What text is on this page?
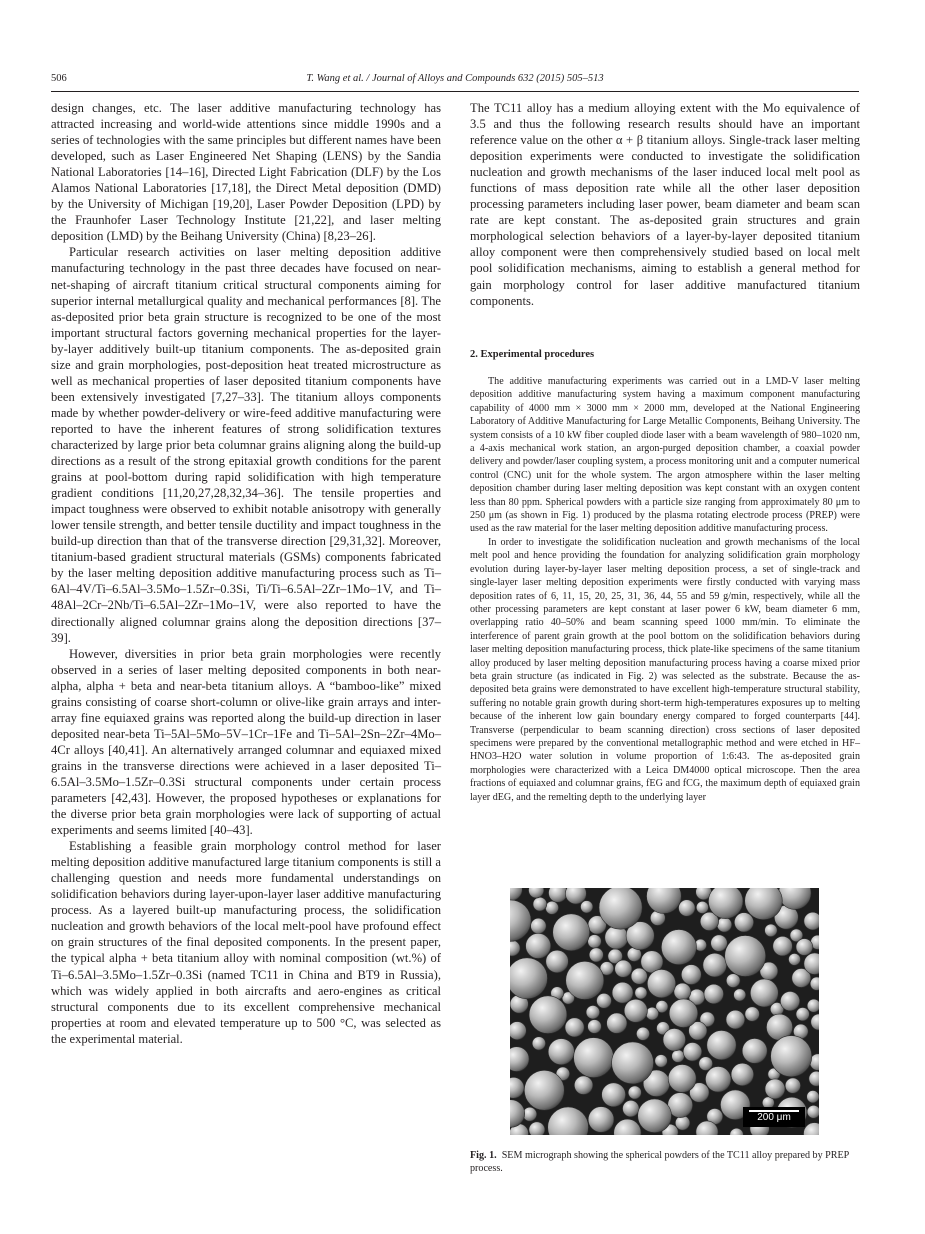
506	T. Wang et al. / Journal of Alloys and Compounds 632 (2015) 505–513

design changes, etc. The laser additive manufacturing technology has attracted increasing and world-wide attentions since middle 1990s and a series of technologies with the same principles but different names have been developed, such as Laser Engineered Net Shaping (LENS) by the Sandia National Laboratories [14–16], Directed Light Fabrication (DLF) by the Los Alamos National Laboratories [17,18], the Direct Metal deposition (DMD) by the University of Michigan [19,20], Laser Powder Deposition (LPD) by the Fraunhofer Laser Technology Institute [21,22], and laser melting deposition (LMD) by the Beihang University (China) [8,23–26].

Particular research activities on laser melting deposition additive manufacturing technology in the past three decades have focused on near-net-shaping of aircraft titanium critical structural components aiming for superior internal metallurgical quality and mechanical performances [8]. The as-deposited prior beta grain structure is recognized to be one of the most important structural factors governing mechanical properties for the layer-by-layer additively built-up titanium components. The as-deposited grain size and grain morphologies, post-deposition heat treated microstructure as well as mechanical properties of laser deposited titanium components have been extensively investigated [7,27–33]. The titanium alloys components made by whether powder-delivery or wire-feed additive manufacturing were reported to have the inherent features of strong solidification textures characterized by large prior beta columnar grains aligning along the build-up directions as a result of the strong epitaxial growth conditions for the parent grains at pool-bottom during rapid solidification with high temperature gradient conditions [11,20,27,28,32,34–36]. The tensile properties and impact toughness were observed to exhibit notable anisotropy with generally lower tensile strength, and better tensile ductility and impact toughness in the build-up direction than that of the transverse direction [29,31,32]. Moreover, titanium-based gradient structural materials (GSMs) components fabricated by the laser melting deposition additive manufacturing process such as Ti–6Al–4V/Ti–6.5Al–3.5Mo–1.5Zr–0.3Si, Ti/Ti–6.5Al–2Zr–1Mo–1V, and Ti–48Al–2Cr–2Nb/Ti–6.5Al–2Zr–1Mo–1V, were also reported to have the directionally aligned columnar grains along the deposition directions [37–39].

However, diversities in prior beta grain morphologies were recently observed in a series of laser melting deposited components in both near-alpha, alpha + beta and near-beta titanium alloys. A “bamboo-like” mixed grains consisting of coarse short-column or olive-like grain arrays and inter-array fine equiaxed grains was reported along the build-up direction in laser deposited near-beta Ti–5Al–5Mo–5V–1Cr–1Fe and Ti–5Al–2Sn–2Zr–4Mo–4Cr alloys [40,41]. An alternatively arranged columnar and equiaxed mixed grains in the transverse directions were achieved in a laser deposited Ti–6.5Al–3.5Mo–1.5Zr–0.3Si structural components under certain process parameters [42,43]. However, the proposed hypotheses or explanations for the diverse prior beta grain morphologies were lack of supporting of actual experiments and seems limited [40–43].

Establishing a feasible grain morphology control method for laser melting deposition additive manufactured large titanium components is still a challenging question and needs more fundamental understandings on solidification behaviors during layer-upon-layer laser additive manufacturing process. As a layered built-up manufacturing process, the solidification nucleation and growth behaviors of the local melt-pool have profound effect on grain structures of the final deposited components. In the present paper, the typical alpha + beta titanium alloy with nominal composition (wt.%) of Ti–6.5Al–3.5Mo–1.5Zr–0.3Si (named TC11 in China and BT9 in Russia), which was widely applied in both aircrafts and aero-engines as critical structural components due to its excellent comprehensive mechanical properties at room and elevated temperature up to 500 °C, was selected as the experimental material.

The TC11 alloy has a medium alloying extent with the Mo equivalence of 3.5 and thus the following research results should have an important reference value on the other α + β titanium alloys. Single-track laser melting deposition experiments were conducted to investigate the solidification nucleation and growth mechanisms of the laser induced local melt pool as functions of mass deposition rate while all the other laser deposition processing parameters including laser power, beam diameter and beam scan rate are kept constant. The as-deposited grain structures and grain morphological selection behaviors of a layer-by-layer deposited titanium alloy component were then comprehensively studied based on local melt pool solidification mechanisms, aiming to establish a general method for gain morphology control for laser additive manufactured titanium components.

2. Experimental procedures

The additive manufacturing experiments was carried out in a LMD-V laser melting deposition additive manufacturing system having a maximum component manufacturing capability of 4000 mm × 3000 mm × 2000 mm, developed at the National Engineering Laboratory of Additive Manufacturing for Large Metallic Components, Beihang University. The system consists of a 10 kW fiber coupled diode laser with a beam wavelength of 980–1020 nm, a 4-axis mechanical work station, an argon-purged deposition chamber, a coaxial powder delivery and powder/laser coupling system, a process monitoring unit and a computer numerical control (CNC) unit for the whole system. The argon atmosphere within the laser melting deposition chamber during laser melting deposition was kept constant with an oxygen content less than 80 ppm. Spherical powders with a particle size ranging from approximately 80 μm to 250 μm (as shown in Fig. 1) produced by the plasma rotating electrode process (PREP) were used as the raw material for the laser melting deposition additive manufacturing process.

In order to investigate the solidification nucleation and growth mechanisms of the local melt pool and hence providing the foundation for analyzing solidification grain morphology evolution during layer-by-layer laser melting deposition process, a set of single-track and single-layer laser melting deposition experiments were firstly conducted with varying mass deposition rates of 6, 11, 15, 20, 25, 31, 36, 44, 55 and 59 g/min, respectively, while all the other processing parameters are kept constant at laser power 6 kW, beam diameter 6 mm, overlapping ratio 40–50% and beam scanning speed 1000 mm/min. To eliminate the interference of parent grain growth at the pool bottom on the solidification behaviors during laser melting deposition manufacturing process, thick plate-like specimens of the same titanium alloy produced by laser melting deposition manufacturing process having a coarse mixed prior beta grain structure (as indicated in Fig. 2) was selected as the substrate. Because the as-deposited beta grains were demonstrated to have excellent high-temperature structural stability, suffering no notable grain growth during short-term high-temperatures exposures up to melting because of the inherent low gain boundary energy compared to forged counterparts [44]. Transverse (perpendicular to beam scanning direction) cross sections of laser deposited specimens were prepared by the conventional metallographic method and were etched in HF–HNO3–H2O water solution in volume proportion of 1:6:43. The as-deposited grain morphologies were characterized with a Leica DM4000 optical microscope. Then the area fractions of equiaxed and columnar grains, fEG and fCG, the maximum depth of equiaxed grain layer dEG, and the remelting depth to the underlying layer

200 μm
Fig. 1. SEM micrograph showing the spherical powders of the TC11 alloy prepared by PREP process.
